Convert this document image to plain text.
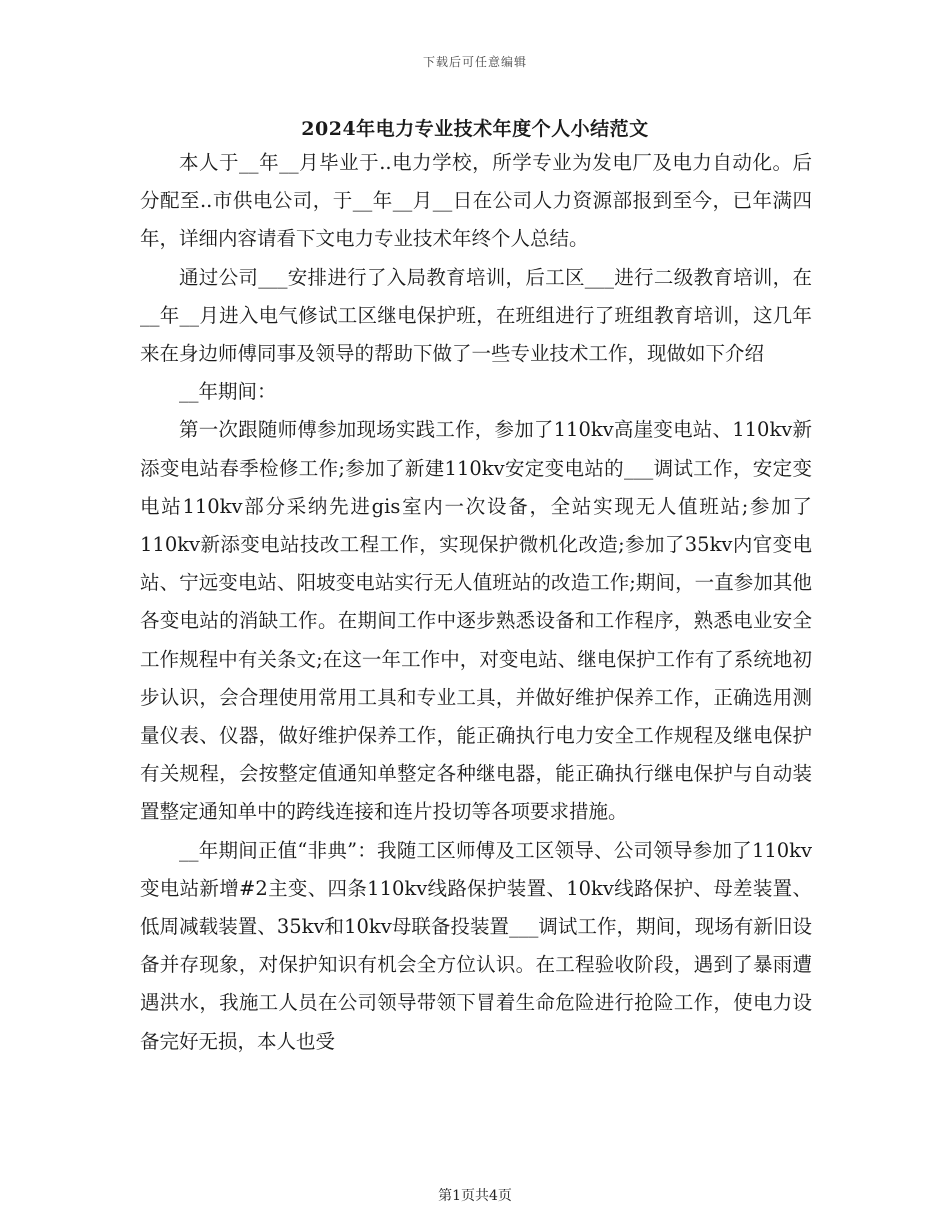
下载后可任意编辑
2024年电力专业技术年度个人小结范文

本人于__年__月毕业于..电力学校，所学专业为发电厂及电力自动化。后分配至..市供电公司，于__年__月__日在公司人力资源部报到至今，已年满四年，详细内容请看下文电力专业技术年终个人总结。

通过公司___安排进行了入局教育培训，后工区___进行二级教育培训，在__年__月进入电气修试工区继电保护班，在班组进行了班组教育培训，这几年来在身边师傅同事及领导的帮助下做了一些专业技术工作，现做如下介绍

__年期间：

第一次跟随师傅参加现场实践工作，参加了110kv高崖变电站、110kv新添变电站春季检修工作;参加了新建110kv安定变电站的___调试工作，安定变电站110kv部分采纳先进gis室内一次设备，全站实现无人值班站;参加了110kv新添变电站技改工程工作，实现保护微机化改造;参加了35kv内官变电站、宁远变电站、阳坡变电站实行无人值班站的改造工作;期间，一直参加其他各变电站的消缺工作。在期间工作中逐步熟悉设备和工作程序，熟悉电业安全工作规程中有关条文;在这一年工作中，对变电站、继电保护工作有了系统地初步认识，会合理使用常用工具和专业工具，并做好维护保养工作，正确选用测量仪表、仪器，做好维护保养工作，能正确执行电力安全工作规程及继电保护有关规程，会按整定值通知单整定各种继电器，能正确执行继电保护与自动装置整定通知单中的跨线连接和连片投切等各项要求措施。

__年期间正值“非典”：我随工区师傅及工区领导、公司领导参加了110kv变电站新增#2主变、四条110kv线路保护装置、10kv线路保护、母差装置、低周减载装置、35kv和10kv母联备投装置___调试工作，期间，现场有新旧设备并存现象，对保护知识有机会全方位认识。在工程验收阶段，遇到了暴雨遭遇洪水，我施工人员在公司领导带领下冒着生命危险进行抢险工作，使电力设备完好无损，本人也受

第1页共4页
